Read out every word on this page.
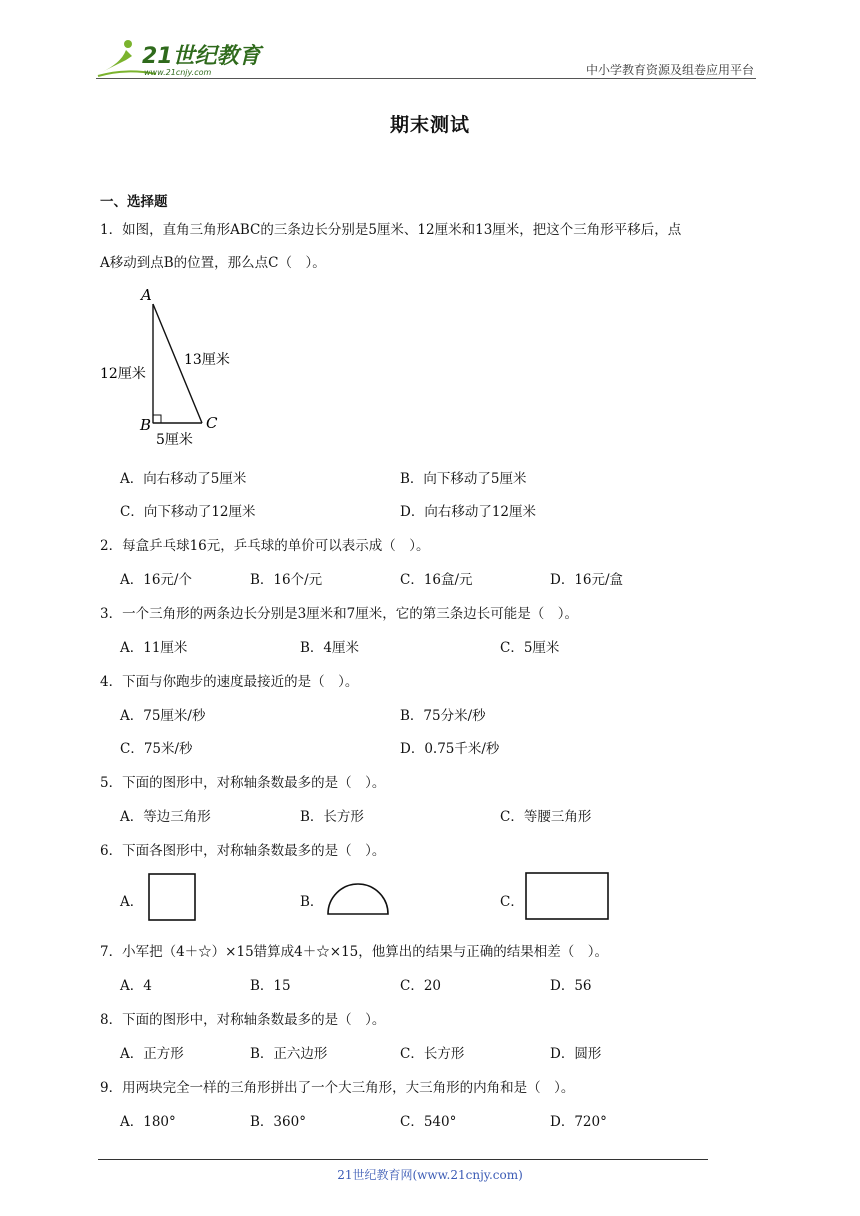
21世纪教育
www.21cnjy.com	中小学教育资源及组卷应用平台
期末测试
一、选择题
1．如图，直角三角形ABC的三条边长分别是5厘米、12厘米和13厘米，把这个三角形平移后，点
A移动到点B的位置，那么点C（　）。
A
B	C
12厘米
13厘米
5厘米
A．向右移动了5厘米	B．向下移动了5厘米
C．向下移动了12厘米	D．向右移动了12厘米
2．每盒乒乓球16元，乒乓球的单价可以表示成（　）。
A．16元/个	B．16个/元	C．16盒/元	D．16元/盒
3．一个三角形的两条边长分别是3厘米和7厘米，它的第三条边长可能是（　）。
A．11厘米	B．4厘米	C．5厘米
4．下面与你跑步的速度最接近的是（　）。
A．75厘米/秒	B．75分米/秒
C．75米/秒	D．0.75千米/秒
5．下面的图形中，对称轴条数最多的是（　）。
A．等边三角形	B．长方形	C．等腰三角形
6．下面各图形中，对称轴条数最多的是（　）。
A．	B．	C．
7．小军把（4＋☆）×15错算成4＋☆×15，他算出的结果与正确的结果相差（　）。
A．4	B．15	C．20	D．56
8．下面的图形中，对称轴条数最多的是（　）。
A．正方形	B．正六边形	C．长方形	D．圆形
9．用两块完全一样的三角形拼出了一个大三角形，大三角形的内角和是（　）。
A．180°	B．360°	C．540°	D．720°
21世纪教育网(www.21cnjy.com)
